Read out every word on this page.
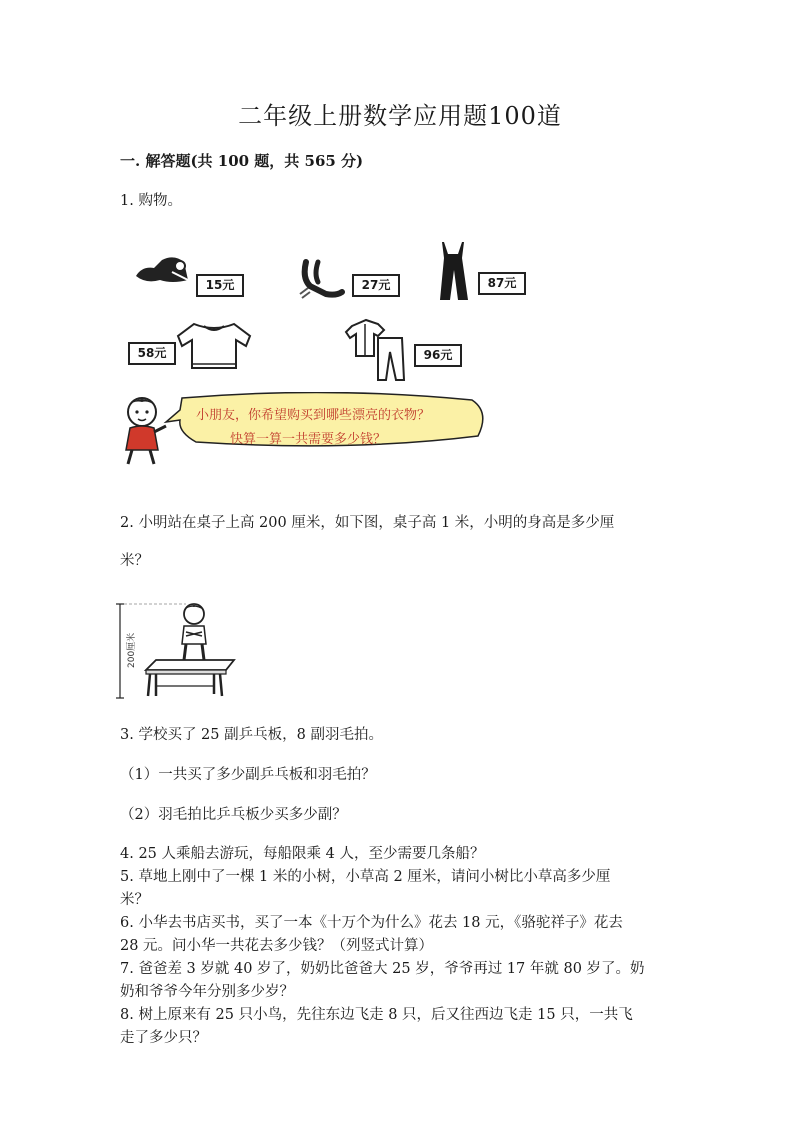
二年级上册数学应用题100道
一. 解答题(共 100 题，共 565 分)
1. 购物。
15元	27元	87元
58元	96元
小朋友，你希望购买到哪些漂亮的衣物？
快算一算一共需要多少钱？
2. 小明站在桌子上高 200 厘米，如下图，桌子高 1 米，小明的身高是多少厘
米？
200厘米
3. 学校买了 25 副乒乓板，8 副羽毛拍。
（1）一共买了多少副乒乓板和羽毛拍？
（2）羽毛拍比乒乓板少买多少副？
4. 25 人乘船去游玩，每船限乘 4 人，至少需要几条船？
5. 草地上刚中了一棵 1 米的小树，小草高 2 厘米，请问小树比小草高多少厘
米？
6. 小华去书店买书，买了一本《十万个为什么》花去 18 元，《骆驼祥子》花去
28 元。问小华一共花去多少钱？（列竖式计算）
7. 爸爸差 3 岁就 40 岁了，奶奶比爸爸大 25 岁，爷爷再过 17 年就 80 岁了。奶
奶和爷爷今年分别多少岁？
8. 树上原来有 25 只小鸟，先往东边飞走 8 只，后又往西边飞走 15 只，一共飞
走了多少只？
